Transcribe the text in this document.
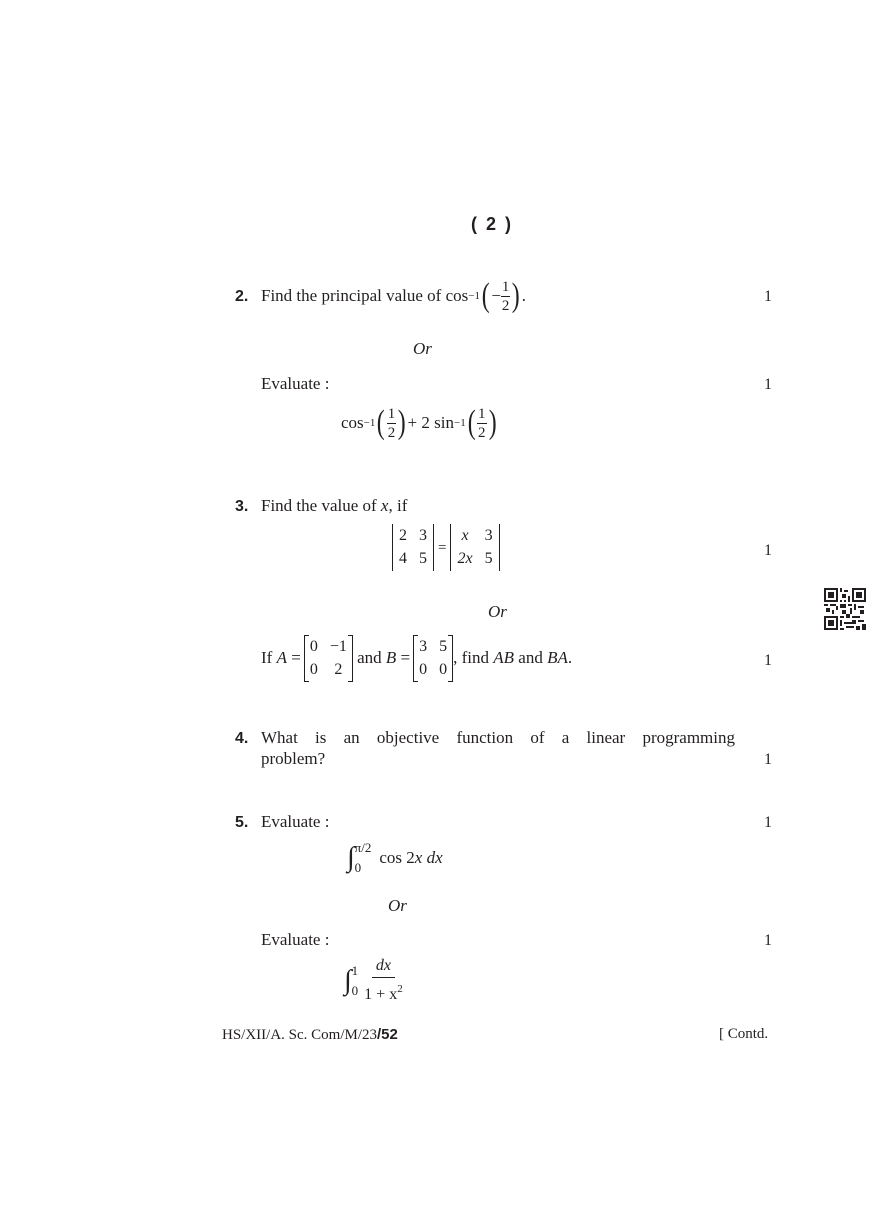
( 2 )
2. Find the principal value of cos −1 ( − $\frac{1}{2}$ ) .	1
Or
Evaluate :	1
cos −1 ( $\frac{1}{2}$ ) + 2 sin −1 ( $\frac{1}{2}$ )
3. Find the value of x, if
2 3
4 5
=
x 3
2x 5	1
Or
If
A
=
0 −1
0 2

and
B
=
3 5
0 0
, find
AB
and
BA .	1
4. What is an objective function of a linear programming
problem?	1
5. Evaluate :	1
∫ π/2
0
cos 2 x
dx
Or
Evaluate :	1
∫ 1
$0 \frac{dx}{1 + x^2}$
HS/XII/A. Sc. Com/M/23/52	[ Contd.
